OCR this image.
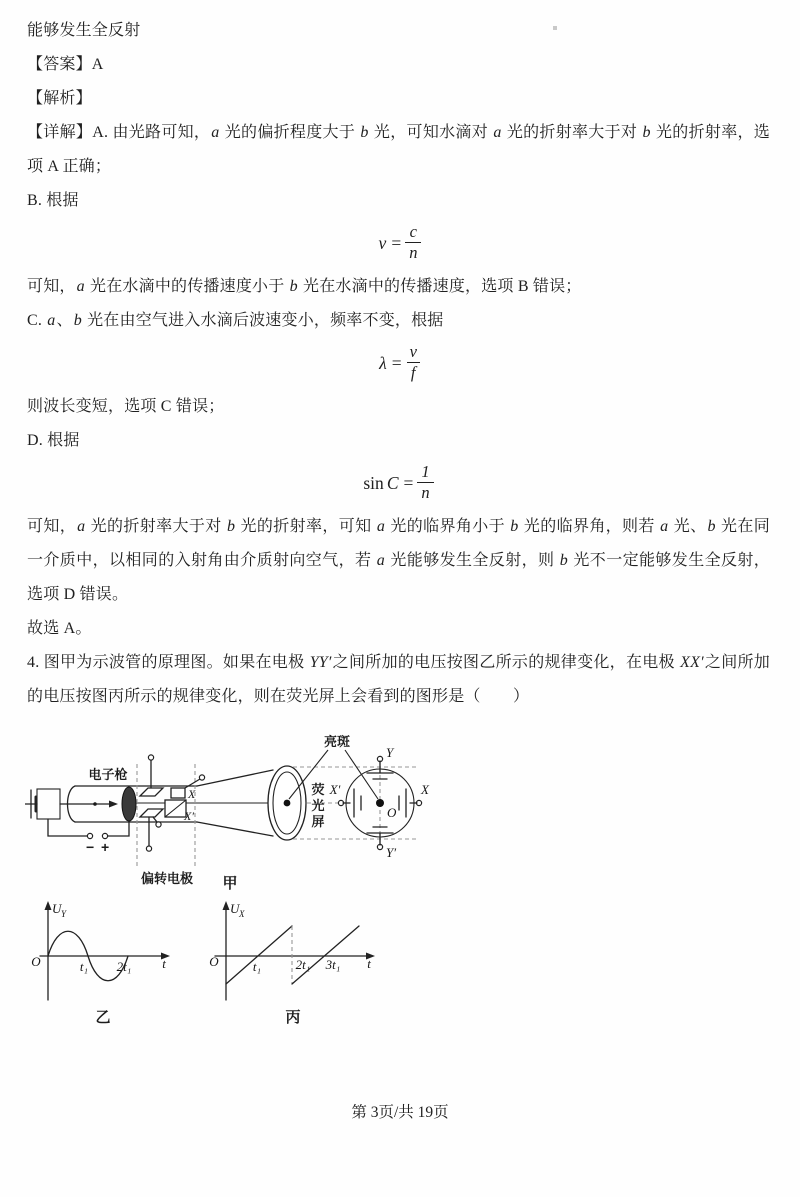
能够发生全反射

【答案】A

【解析】

【详解】A. 由光路可知，a 光的偏折程度大于 b 光，可知水滴对 a 光的折射率大于对 b 光的折射率，选项 A 正确；

B. 根据

$v = \frac{c}{n}$

可知，a 光在水滴中的传播速度小于 b 光在水滴中的传播速度，选项 B 错误；

C. a、b 光在由空气进入水滴后波速变小，频率不变，根据

$\lambda = \frac{v}{f}$

则波长变短，选项 C 错误；

D. 根据

$\sin C = \frac{1}{n}$

可知，a 光的折射率大于对 b 光的折射率，可知 a 光的临界角小于 b 光的临界角，则若 a 光、b 光在同一介质中，以相同的入射角由介质射向空气，若 a 光能够发生全反射，则 b 光不一定能够发生全反射，选项 D 错误。

故选 A。

4. 图甲为示波管的原理图。如果在电极 YY′之间所加的电压按图乙所示的规律变化，在电极 XX′之间所加的电压按图丙所示的规律变化，则在荧光屏上会看到的图形是（　　）

− +
电子枪
X
X′
偏转电极
荧
光
屏
亮斑
Y
Y′
X′	X
O
甲
O
U Y
t₁ 2t₁ t
乙
O
U X
t₁	2t₁ 3t₁ t
丙
第 3页/共 19页
